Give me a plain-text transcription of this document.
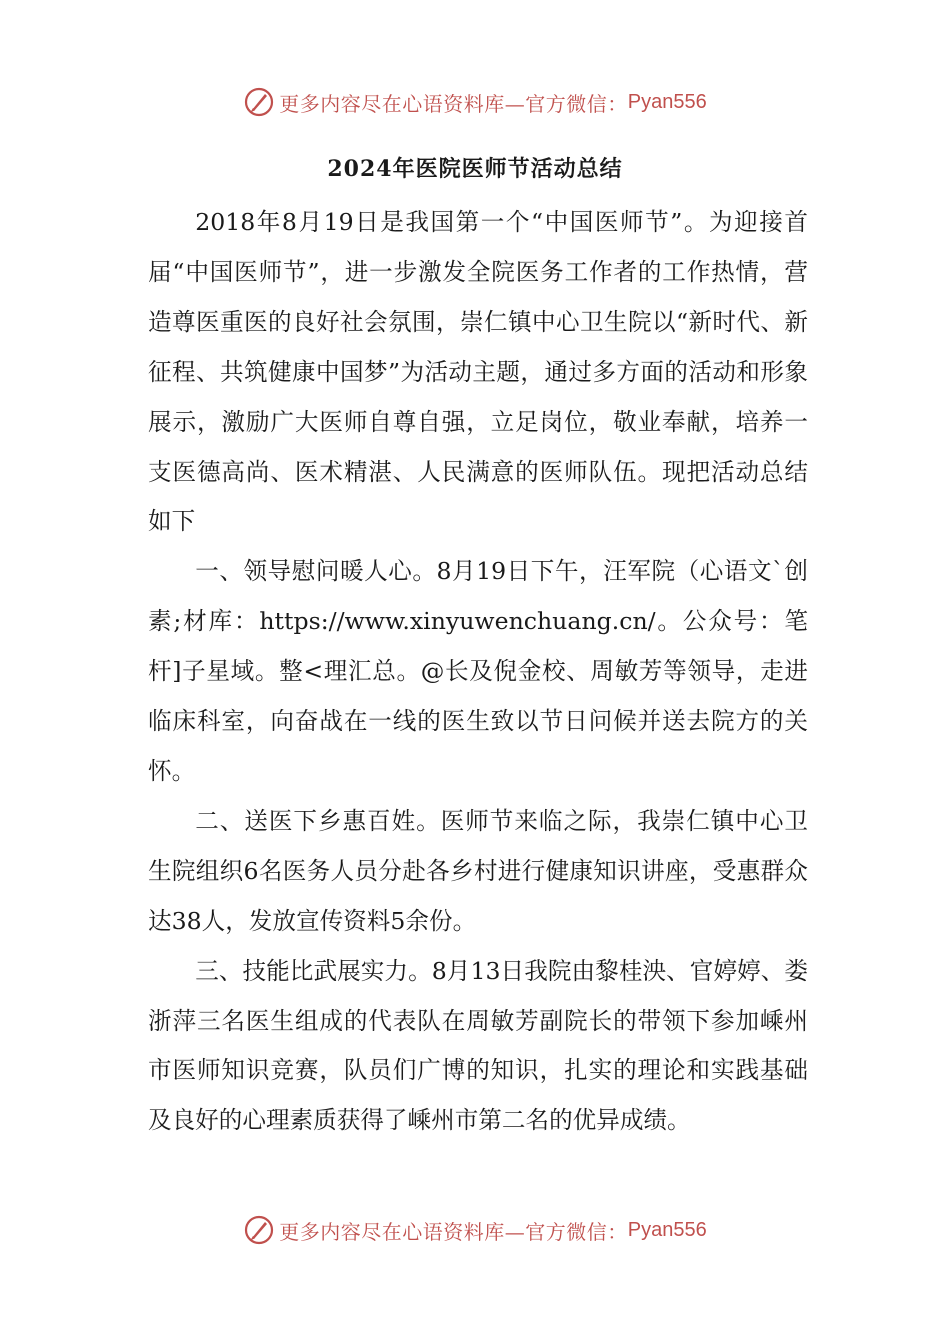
更多内容尽在心语资料库—官方微信： Pyan556
2024年医院医师节活动总结

2018年8月19日是我国第一个“中国医师节”。为迎接首届“中国医师节”，进一步激发全院医务工作者的工作热情，营造尊医重医的良好社会氛围，崇仁镇中心卫生院以“新时代、新征程、共筑健康中国梦”为活动主题，通过多方面的活动和形象展示，激励广大医师自尊自强，立足岗位，敬业奉献，培养一支医德高尚、医术精湛、人民满意的医师队伍。现把活动总结如下

一、领导慰问暖人心。8月19日下午，汪军院（心语文`创素;材库：https://www.xinyuwenchuang.cn/。公众号：笔杆]子星域。整<理汇总。@长及倪金校、周敏芳等领导，走进临床科室，向奋战在一线的医生致以节日问候并送去院方的关怀。

二、送医下乡惠百姓。医师节来临之际，我崇仁镇中心卫生院组织6名医务人员分赴各乡村进行健康知识讲座，受惠群众达38人，发放宣传资料5余份。

三、技能比武展实力。8月13日我院由黎桂泱、官婷婷、娄浙萍三名医生组成的代表队在周敏芳副院长的带领下参加嵊州市医师知识竞赛，队员们广博的知识，扎实的理论和实践基础及良好的心理素质获得了嵊州市第二名的优异成绩。

更多内容尽在心语资料库—官方微信： Pyan556
